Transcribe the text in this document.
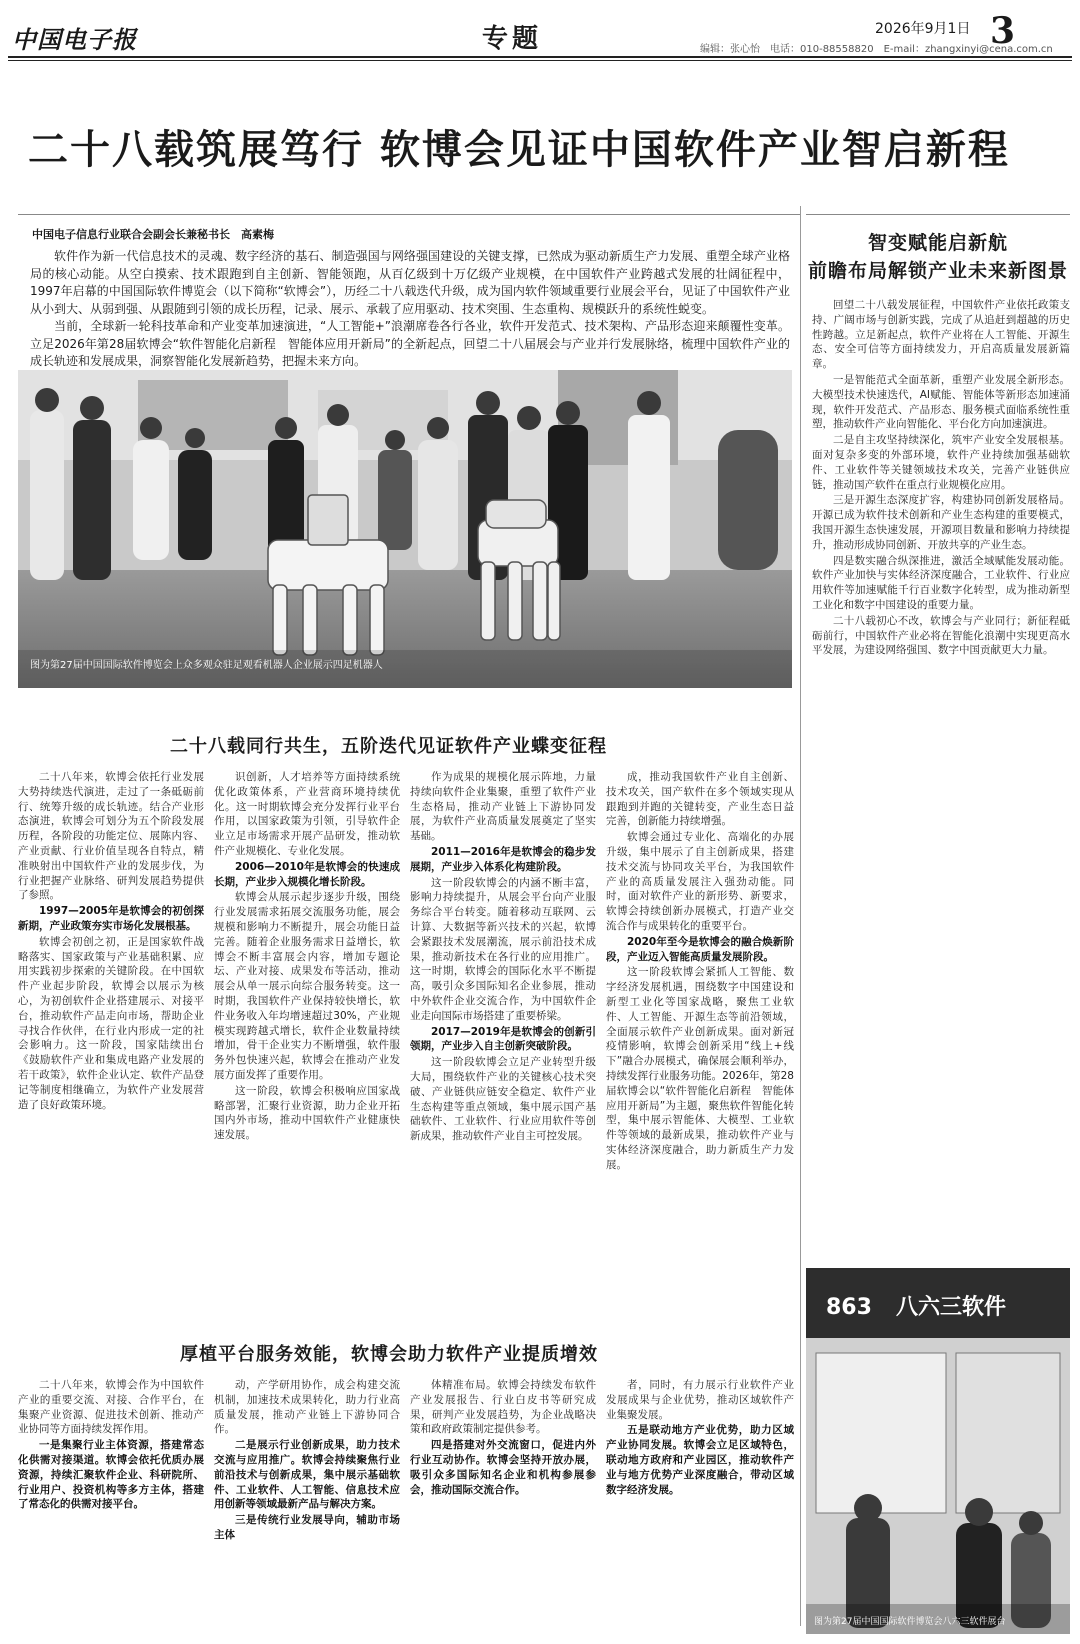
中国电子报	专题	2026年9月1日 3
编辑：张心怡　电话：010-88558820　E-mail：zhangxinyi@cena.com.cn
二十八载筑展笃行 软博会见证中国软件产业智启新程
中国电子信息行业联合会副会长兼秘书长　高素梅

软件作为新一代信息技术的灵魂、数字经济的基石、制造强国与网络强国建设的关键支撑，已然成为驱动新质生产力发展、重塑全球产业格局的核心动能。从空白摸索、技术跟跑到自主创新、智能领跑，从百亿级到十万亿级产业规模，在中国软件产业跨越式发展的壮阔征程中，1997年启幕的中国国际软件博览会（以下简称“软博会”），历经二十八载迭代升级，成为国内软件领域重要行业展会平台，见证了中国软件产业从小到大、从弱到强、从跟随到引领的成长历程，记录、展示、承载了应用驱动、技术突围、生态重构、规模跃升的系统性蜕变。

当前，全球新一轮科技革命和产业变革加速演进，“人工智能+”浪潮席卷各行各业，软件开发范式、技术架构、产品形态迎来颠覆性变革。立足2026年第28届软博会“软件智能化启新程　智能体应用开新局”的全新起点，回望二十八届展会与产业并行发展脉络，梳理中国软件产业的成长轨迹和发展成果，洞察智能化发展新趋势，把握未来方向。

图为第27届中国国际软件博览会上众多观众驻足观看机器人企业展示四足机器人
二十八载同行共生，五阶迭代见证软件产业蝶变征程

二十八年来，软博会依托行业发展大势持续迭代演进，走过了一条砥砺前行、统筹升级的成长轨迹。结合产业形态演进，软博会可划分为五个阶段发展历程，各阶段的功能定位、展陈内容、产业贡献、行业价值呈现各自特点，精准映射出中国软件产业的发展步伐，为行业把握产业脉络、研判发展趋势提供了参照。

1997—2005年是软博会的初创探新期，产业政策夯实市场化发展根基。

软博会初创之初，正是国家软件战略落实、国家政策与产业基础积累、应用实践初步探索的关键阶段。在中国软件产业起步阶段，软博会以展示为核心，为初创软件企业搭建展示、对接平台，推动软件产品走向市场，帮助企业寻找合作伙伴，在行业内形成一定的社会影响力。这一阶段，国家陆续出台《鼓励软件产业和集成电路产业发展的若干政策》，软件企业认定、软件产品登记等制度相继确立，为软件产业发展营造了良好政策环境。

识创新，人才培养等方面持续系统优化政策体系，产业营商环境持续优化。这一时期软博会充分发挥行业平台作用，以国家政策为引领，引导软件企业立足市场需求开展产品研发，推动软件产业规模化、专业化发展。

2006—2010年是软博会的快速成长期，产业步入规模化增长阶段。

软博会从展示起步逐步升级，围绕行业发展需求拓展交流服务功能，展会规模和影响力不断提升，展会功能日益完善。随着企业服务需求日益增长，软博会不断丰富展会内容，增加专题论坛、产业对接、成果发布等活动，推动展会从单一展示向综合服务转变。这一时期，我国软件产业保持较快增长，软件业务收入年均增速超过30%，产业规模实现跨越式增长，软件企业数量持续增加，骨干企业实力不断增强，软件服务外包快速兴起，软博会在推动产业发展方面发挥了重要作用。

这一阶段，软博会积极响应国家战略部署，汇聚行业资源，助力企业开拓国内外市场，推动中国软件产业健康快速发展。

作为成果的规模化展示阵地，力量持续向软件企业集聚，重塑了软件产业生态格局，推动产业链上下游协同发展，为软件产业高质量发展奠定了坚实基础。

2011—2016年是软博会的稳步发展期，产业步入体系化构建阶段。

这一阶段软博会的内涵不断丰富，影响力持续提升，从展会平台向产业服务综合平台转变。随着移动互联网、云计算、大数据等新兴技术的兴起，软博会紧跟技术发展潮流，展示前沿技术成果，推动新技术在各行业的应用推广。这一时期，软博会的国际化水平不断提高，吸引众多国际知名企业参展，推动中外软件企业交流合作，为中国软件企业走向国际市场搭建了重要桥梁。

2017—2019年是软博会的创新引领期，产业步入自主创新突破阶段。

这一阶段软博会立足产业转型升级大局，围绕软件产业的关键核心技术突破、产业链供应链安全稳定、软件产业生态构建等重点领域，集中展示国产基础软件、工业软件、行业应用软件等创新成果，推动软件产业自主可控发展。

成，推动我国软件产业自主创新、技术攻关，国产软件在多个领域实现从跟跑到并跑的关键转变，产业生态日益完善，创新能力持续增强。

软博会通过专业化、高端化的办展升级，集中展示了自主创新成果，搭建技术交流与协同攻关平台，为我国软件产业的高质量发展注入强劲动能。同时，面对软件产业的新形势、新要求，软博会持续创新办展模式，打造产业交流合作与成果转化的重要平台。

2020年至今是软博会的融合焕新阶段，产业迈入智能高质量发展阶段。

这一阶段软博会紧抓人工智能、数字经济发展机遇，围绕数字中国建设和新型工业化等国家战略，聚焦工业软件、人工智能、开源生态等前沿领域，全面展示软件产业创新成果。面对新冠疫情影响，软博会创新采用“线上+线下”融合办展模式，确保展会顺利举办，持续发挥行业服务功能。2026年，第28届软博会以“软件智能化启新程　智能体应用开新局”为主题，聚焦软件智能化转型，集中展示智能体、大模型、工业软件等领域的最新成果，推动软件产业与实体经济深度融合，助力新质生产力发展。

厚植平台服务效能，软博会助力软件产业提质增效

二十八年来，软博会作为中国软件产业的重要交流、对接、合作平台，在集聚产业资源、促进技术创新、推动产业协同等方面持续发挥作用。

一是集聚行业主体资源，搭建常态化供需对接渠道。软博会依托优质办展资源，持续汇聚软件企业、科研院所、行业用户、投资机构等多方主体，搭建了常态化的供需对接平台。

动，产学研用协作，成会构建交流机制，加速技术成果转化，助力行业高质量发展，推动产业链上下游协同合作。

二是展示行业创新成果，助力技术交流与应用推广。软博会持续聚焦行业前沿技术与创新成果，集中展示基础软件、工业软件、人工智能、信息技术应用创新等领域最新产品与解决方案。

三是传统行业发展导向，辅助市场主体

体精准布局。软博会持续发布软件产业发展报告、行业白皮书等研究成果，研判产业发展趋势，为企业战略决策和政府政策制定提供参考。

四是搭建对外交流窗口，促进内外行业互动协作。软博会坚持开放办展，吸引众多国际知名企业和机构参展参会，推动国际交流合作。

者，同时，有力展示行业软件产业发展成果与企业优势，推动区域软件产业集聚发展。

五是联动地方产业优势，助力区域产业协同发展。软博会立足区域特色，联动地方政府和产业园区，推动软件产业与地方优势产业深度融合，带动区域数字经济发展。

智变赋能启新航
前瞻布局解锁产业未来新图景

回望二十八载发展征程，中国软件产业依托政策支持、广阔市场与创新实践，完成了从追赶到超越的历史性跨越。立足新起点，软件产业将在人工智能、开源生态、安全可信等方面持续发力，开启高质量发展新篇章。

一是智能范式全面革新，重塑产业发展全新形态。大模型技术快速迭代，AI赋能、智能体等新形态加速涌现，软件开发范式、产品形态、服务模式面临系统性重塑，推动软件产业向智能化、平台化方向加速演进。

二是自主攻坚持续深化，筑牢产业安全发展根基。面对复杂多变的外部环境，软件产业持续加强基础软件、工业软件等关键领域技术攻关，完善产业链供应链，推动国产软件在重点行业规模化应用。

三是开源生态深度扩容，构建协同创新发展格局。开源已成为软件技术创新和产业生态构建的重要模式，我国开源生态快速发展，开源项目数量和影响力持续提升，推动形成协同创新、开放共享的产业生态。

四是数实融合纵深推进，激活全域赋能发展动能。软件产业加快与实体经济深度融合，工业软件、行业应用软件等加速赋能千行百业数字化转型，成为推动新型工业化和数字中国建设的重要力量。

二十八载初心不改，软博会与产业同行；新征程砥砺前行，中国软件产业必将在智能化浪潮中实现更高水平发展，为建设网络强国、数字中国贡献更大力量。

863 八六三软件
图为第27届中国国际软件博览会八六三软件展台
